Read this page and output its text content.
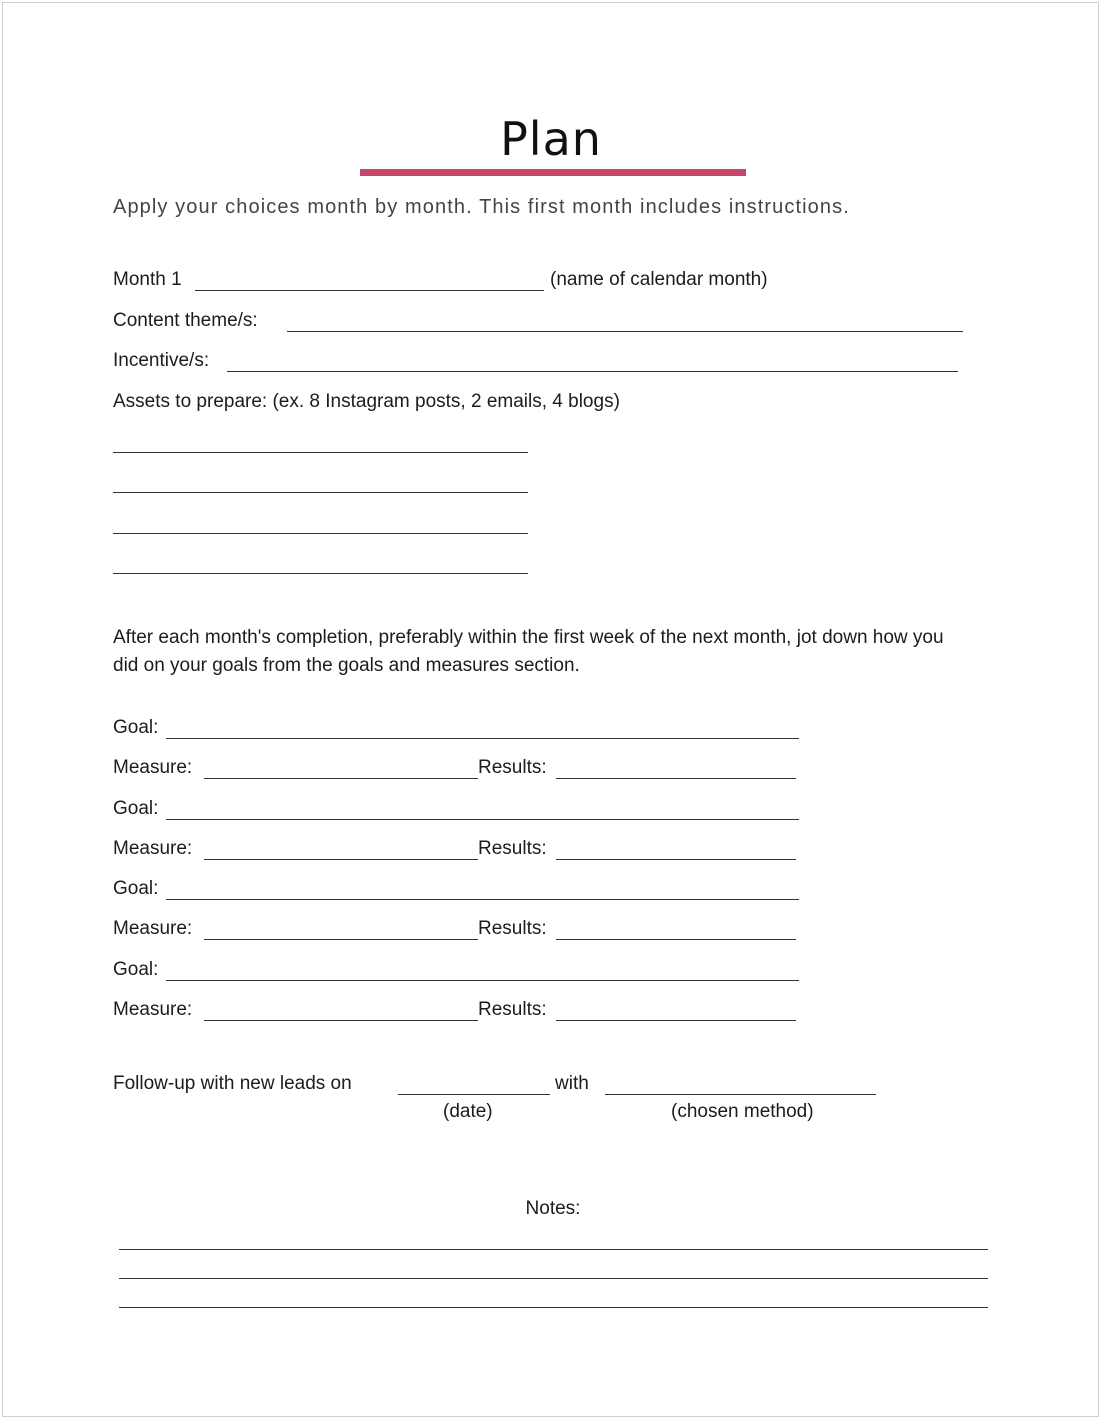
Plan
Apply your choices month by month. This first month includes instructions.
Month 1	(name of calendar month)
Content theme/s:
Incentive/s:
Assets to prepare: (ex. 8 Instagram posts, 2 emails, 4 blogs)
After each month's completion, preferably within the first week of the next month, jot down how you did on your goals from the goals and measures section.
Goal:
Measure:	Results:
Goal:
Measure:	Results:
Goal:
Measure:	Results:
Goal:
Measure:	Results:
Follow-up with new leads on	with
(date)	(chosen method)
Notes:
